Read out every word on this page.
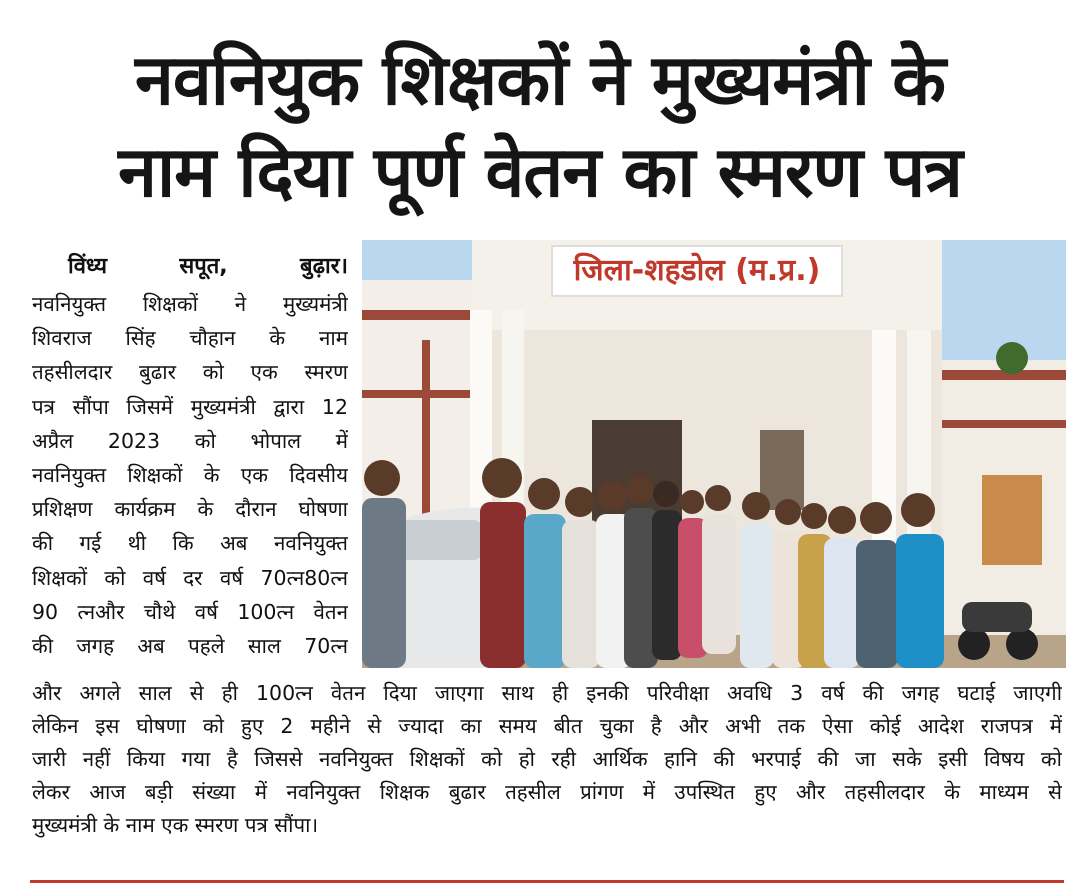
नवनियुक शिक्षकों ने मुख्यमंत्री के
नाम दिया पूर्ण वेतन का स्मरण पत्र
विंध्य	सपूत,	बुढ़ार।
नवनियुक्त शिक्षकों ने मुख्यमंत्री
शिवराज सिंह चौहान के नाम
तहसीलदार बुढार को एक स्मरण
पत्र सौंपा जिसमें मुख्यमंत्री द्वारा 12
अप्रैल 2023 को भोपाल में
नवनियुक्त शिक्षकों के एक दिवसीय
प्रशिक्षण कार्यक्रम के दौरान घोषणा
की गई थी कि अब नवनियुक्त
शिक्षकों को वर्ष दर वर्ष 70त्न80त्न
90 त्नऔर चौथे वर्ष 100त्न वेतन
की जगह अब पहले साल 70त्न
जिला-शहडोल (म.प्र.)
और अगले साल से ही 100त्न वेतन दिया जाएगा साथ ही इनकी परिवीक्षा अवधि 3 वर्ष की जगह घटाई जाएगी
लेकिन इस घोषणा को हुए 2 महीने से ज्यादा का समय बीत चुका है और अभी तक ऐसा कोई आदेश राजपत्र में
जारी नहीं किया गया है जिससे नवनियुक्त शिक्षकों को हो रही आर्थिक हानि की भरपाई की जा सके इसी विषय को
लेकर आज बड़ी संख्या में नवनियुक्त शिक्षक बुढार तहसील प्रांगण में उपस्थित हुए और तहसीलदार के माध्यम से
मुख्यमंत्री के नाम एक स्मरण पत्र सौंपा।
